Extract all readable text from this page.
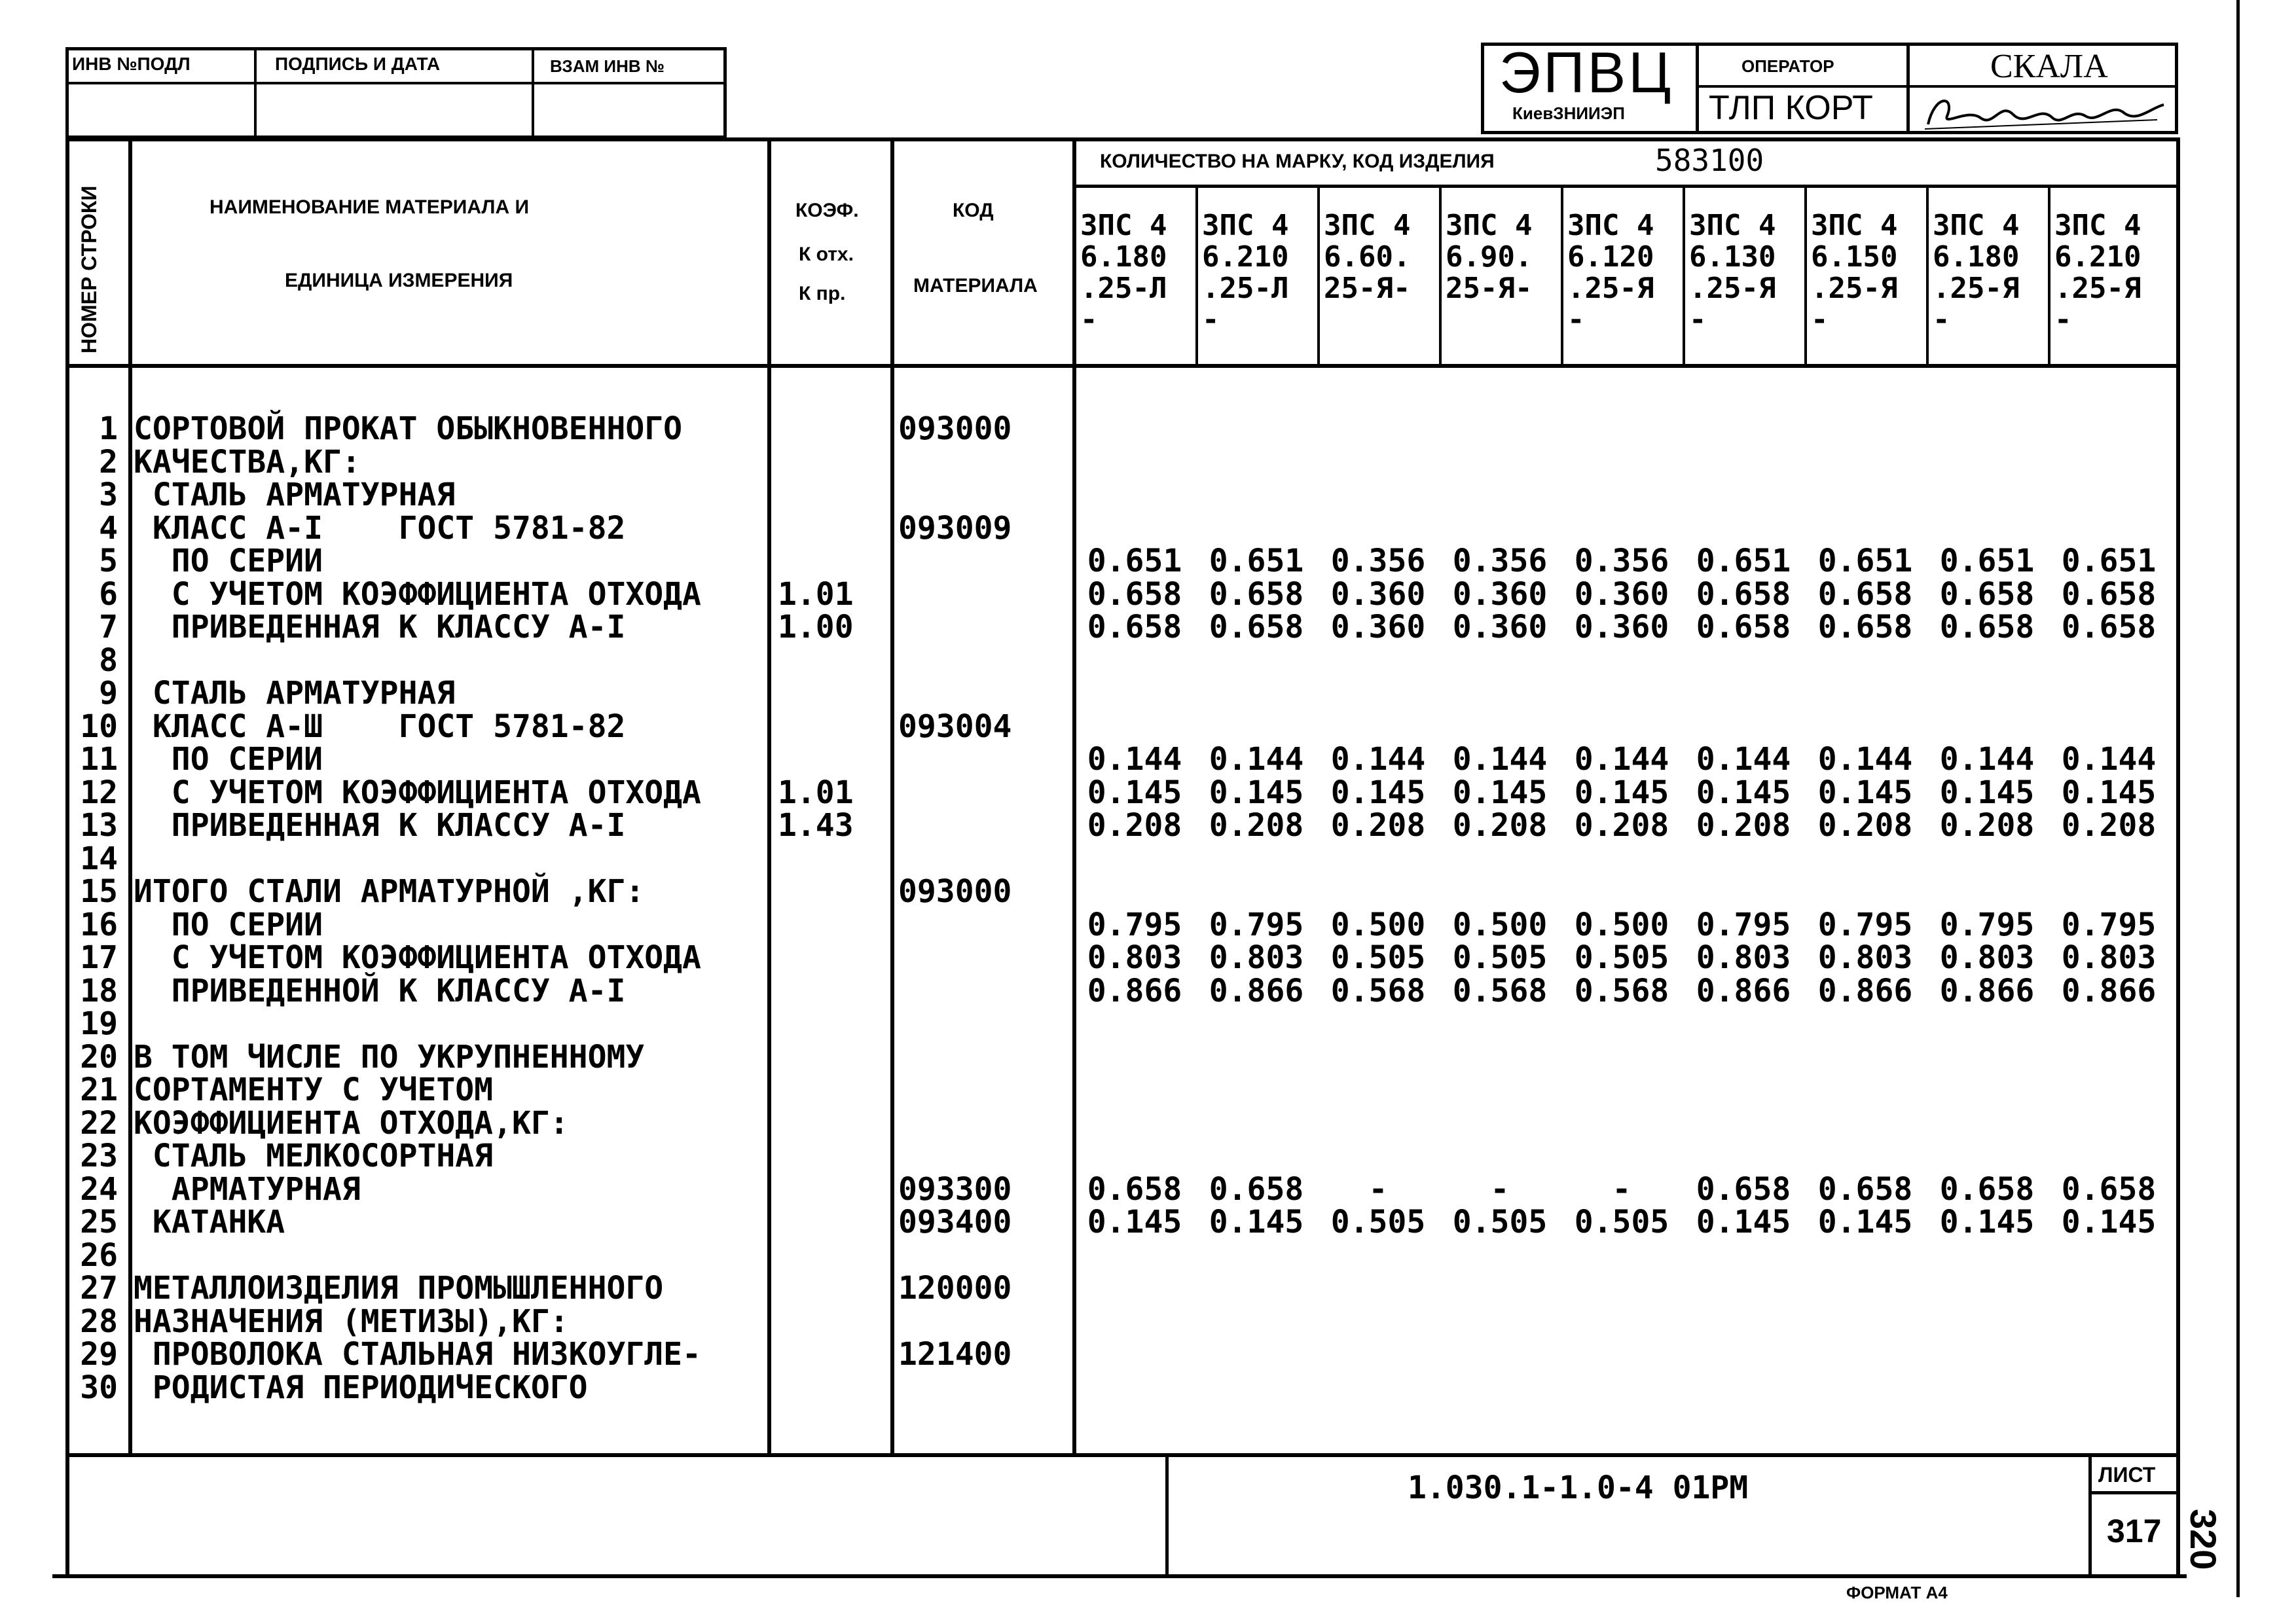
ИНВ №ПОДЛ	ПОДПИСЬ И ДАТА	ВЗАМ ИНВ №	ЭПВЦ
КиевЗНИИЭП
ОПЕРАТОР
ТЛП КОРТ
СКАЛА
НОМЕР СТРОКИ	НАИМЕНОВАНИЕ МАТЕРИАЛА И
ЕДИНИЦА ИЗМЕРЕНИЯ
КОЭФ.
К отх.
К пр.
КОД
МАТЕРИАЛА
КОЛИЧЕСТВО НА МАРКУ, КОД ИЗДЕЛИЯ	583100
3ПС 4
6.180
.25-Л
-
3ПС 4
6.210
.25-Л
-
3ПС 4
6.60.
25-Я-
3ПС 4
6.90.
25-Я-
3ПС 4
6.120
.25-Я
-
3ПС 4
6.130
.25-Я
-
3ПС 4
6.150
.25-Я
-
3ПС 4
6.180
.25-Я
-
3ПС 4
6.210
.25-Я
-
1 СОРТОВОЙ ПРОКАТ ОБЫКНОВЕННОГО	093000
2 КАЧЕСТВА,КГ:
3 СТАЛЬ АРМАТУРНАЯ
4 КЛАСС А-I    ГОСТ 5781-82	093009
5 ПО СЕРИИ	0.651 0.651 0.356 0.356 0.356 0.651 0.651 0.651 0.651
6 С УЧЕТОМ КОЭФФИЦИЕНТА ОТХОДА 1.01	0.658 0.658 0.360 0.360 0.360 0.658 0.658 0.658 0.658
7 ПРИВЕДЕННАЯ К КЛАССУ А-I	1.00	0.658 0.658 0.360 0.360 0.360 0.658 0.658 0.658 0.658
8
9 СТАЛЬ АРМАТУРНАЯ
10 КЛАСС А-Ш    ГОСТ 5781-82	093004
11 ПО СЕРИИ	0.144 0.144 0.144 0.144 0.144 0.144 0.144 0.144 0.144
12 С УЧЕТОМ КОЭФФИЦИЕНТА ОТХОДА 1.01	0.145 0.145 0.145 0.145 0.145 0.145 0.145 0.145 0.145
13 ПРИВЕДЕННАЯ К КЛАССУ А-I	1.43	0.208 0.208 0.208 0.208 0.208 0.208 0.208 0.208 0.208
14
15 ИТОГО СТАЛИ АРМАТУРНОЙ ,КГ:	093000
16 ПО СЕРИИ	0.795 0.795 0.500 0.500 0.500 0.795 0.795 0.795 0.795
17 С УЧЕТОМ КОЭФФИЦИЕНТА ОТХОДА	0.803 0.803 0.505 0.505 0.505 0.803 0.803 0.803 0.803
18 ПРИВЕДЕННОЙ К КЛАССУ А-I	0.866 0.866 0.568 0.568 0.568 0.866 0.866 0.866 0.866
19
20 В ТОМ ЧИСЛЕ ПО УКРУПНЕННОМУ
21 СОРТАМЕНТУ С УЧЕТОМ
22 КОЭФФИЦИЕНТА ОТХОДА,КГ:
23 СТАЛЬ МЕЛКОСОРТНАЯ
24 АРМАТУРНАЯ	093300	0.658 0.658	-	-	-	0.658 0.658 0.658 0.658
25 КАТАНКА	093400	0.145 0.145 0.505 0.505 0.505 0.145 0.145 0.145 0.145
26
27 МЕТАЛЛОИЗДЕЛИЯ ПРОМЫШЛЕННОГО	120000
28 НАЗНАЧЕНИЯ (МЕТИЗЫ),КГ:
29 ПРОВОЛОКА СТАЛЬНАЯ НИЗКОУГЛЕ-	121400
30 РОДИСТАЯ ПЕРИОДИЧЕСКОГО
1.030.1-1.0-4 01РМ	ЛИСТ
317 320
ФОРМАТ А4
